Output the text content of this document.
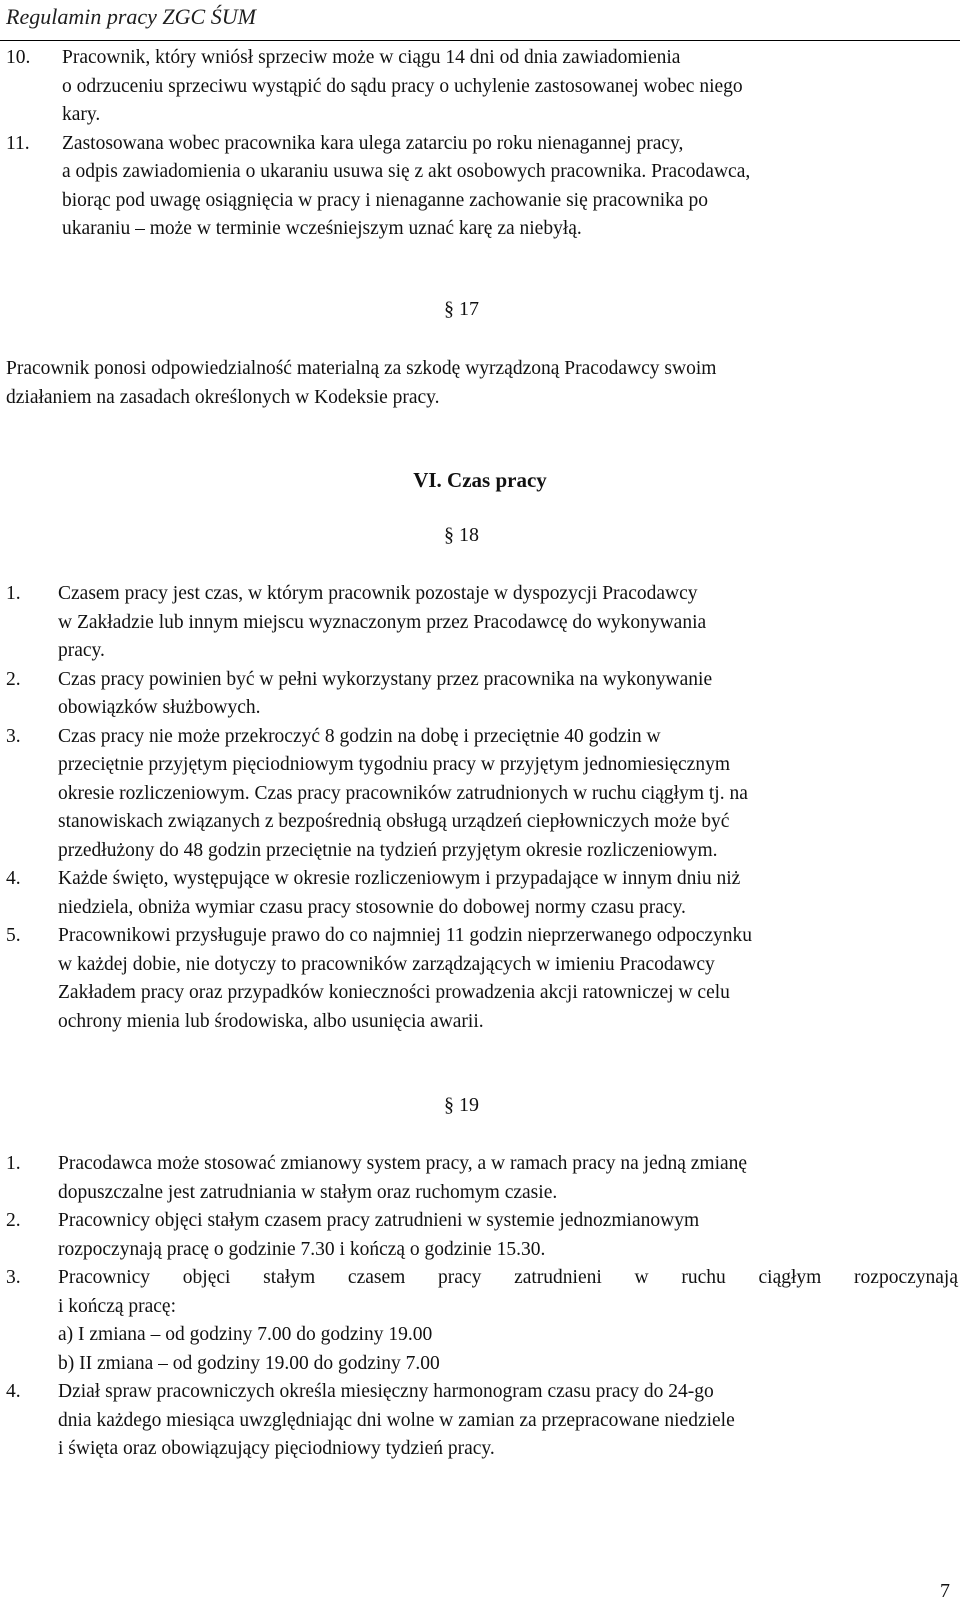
Regulamin pracy ZGC ŚUM
10.	Pracownik, który wniósł sprzeciw może w ciągu 14 dni od dnia zawiadomienia
o odrzuceniu sprzeciwu wystąpić do sądu pracy o uchylenie zastosowanej wobec niego
kary.
11.	Zastosowana wobec pracownika kara ulega zatarciu po roku nienagannej pracy,
a odpis zawiadomienia o ukaraniu usuwa się z akt osobowych pracownika. Pracodawca,
biorąc pod uwagę osiągnięcia w pracy i nienaganne zachowanie się pracownika po
ukaraniu – może w terminie wcześniejszym uznać karę za niebyłą.
§ 17
Pracownik ponosi odpowiedzialność materialną za szkodę wyrządzoną Pracodawcy swoim
działaniem na zasadach określonych w Kodeksie pracy.
VI. Czas pracy
§ 18
1.	Czasem pracy jest czas, w którym pracownik pozostaje w dyspozycji Pracodawcy
w Zakładzie lub innym miejscu wyznaczonym przez Pracodawcę do wykonywania
pracy.
2.	Czas pracy powinien być w pełni wykorzystany przez pracownika na wykonywanie
obowiązków służbowych.
3.	Czas pracy nie może przekroczyć 8 godzin na dobę i przeciętnie 40 godzin w
przeciętnie przyjętym pięciodniowym tygodniu pracy w przyjętym jednomiesięcznym
okresie rozliczeniowym. Czas pracy pracowników zatrudnionych w ruchu ciągłym tj. na
stanowiskach związanych z bezpośrednią obsługą urządzeń ciepłowniczych może być
przedłużony do 48 godzin przeciętnie na tydzień przyjętym okresie rozliczeniowym.
4.	Każde święto, występujące w okresie rozliczeniowym i przypadające w innym dniu niż
niedziela, obniża wymiar czasu pracy stosownie do dobowej normy czasu pracy.
5.	Pracownikowi przysługuje prawo do co najmniej 11 godzin nieprzerwanego odpoczynku
w każdej dobie, nie dotyczy to pracowników zarządzających w imieniu Pracodawcy
Zakładem pracy oraz przypadków konieczności prowadzenia akcji ratowniczej w celu
ochrony mienia lub środowiska, albo usunięcia awarii.
§ 19
1.	Pracodawca może stosować zmianowy system pracy, a w ramach pracy na jedną zmianę
dopuszczalne jest zatrudniania w stałym oraz ruchomym czasie.
2.	Pracownicy objęci stałym czasem pracy zatrudnieni w systemie jednozmianowym
rozpoczynają pracę o godzinie 7.30 i kończą o godzinie 15.30.
3.	Pracownicy objęci stałym czasem pracy zatrudnieni w ruchu ciągłym rozpoczynają
i kończą pracę:
a) I zmiana – od godziny 7.00 do godziny 19.00
b) II zmiana – od godziny 19.00 do godziny 7.00
4.	Dział spraw pracowniczych określa miesięczny harmonogram czasu pracy do 24-go
dnia każdego miesiąca uwzględniając dni wolne w zamian za przepracowane niedziele
i święta oraz obowiązujący pięciodniowy tydzień pracy.
7
